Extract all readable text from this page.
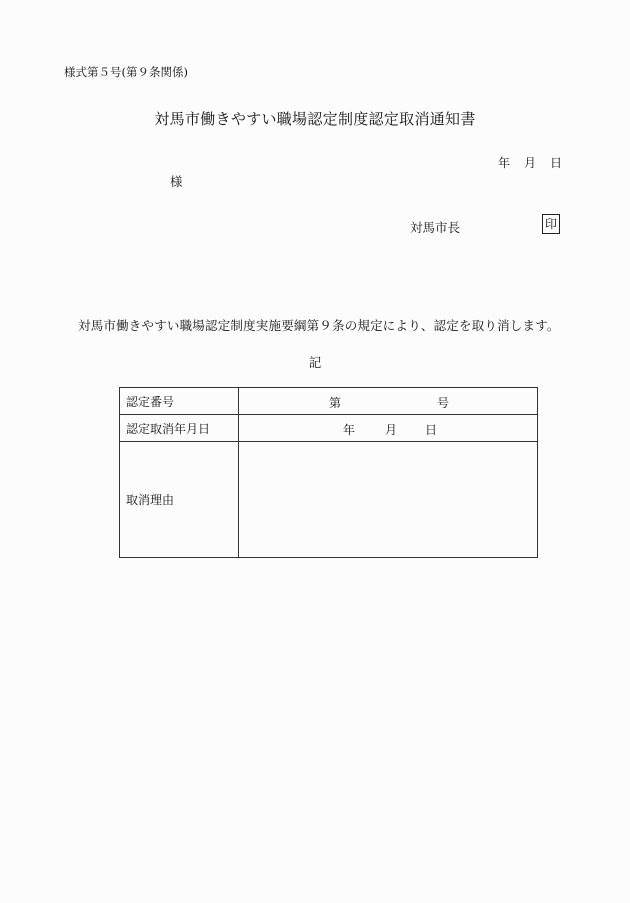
様式第５号(第９条関係)
対馬市働きやすい職場認定制度認定取消通知書
年 月 日
様
対馬市長	印
対馬市働きやすい職場認定制度実施要綱第９条の規定により、認定を取り消します。
記
認定番号	第 号

認定取消年月日	年 月 日

取消理由	
